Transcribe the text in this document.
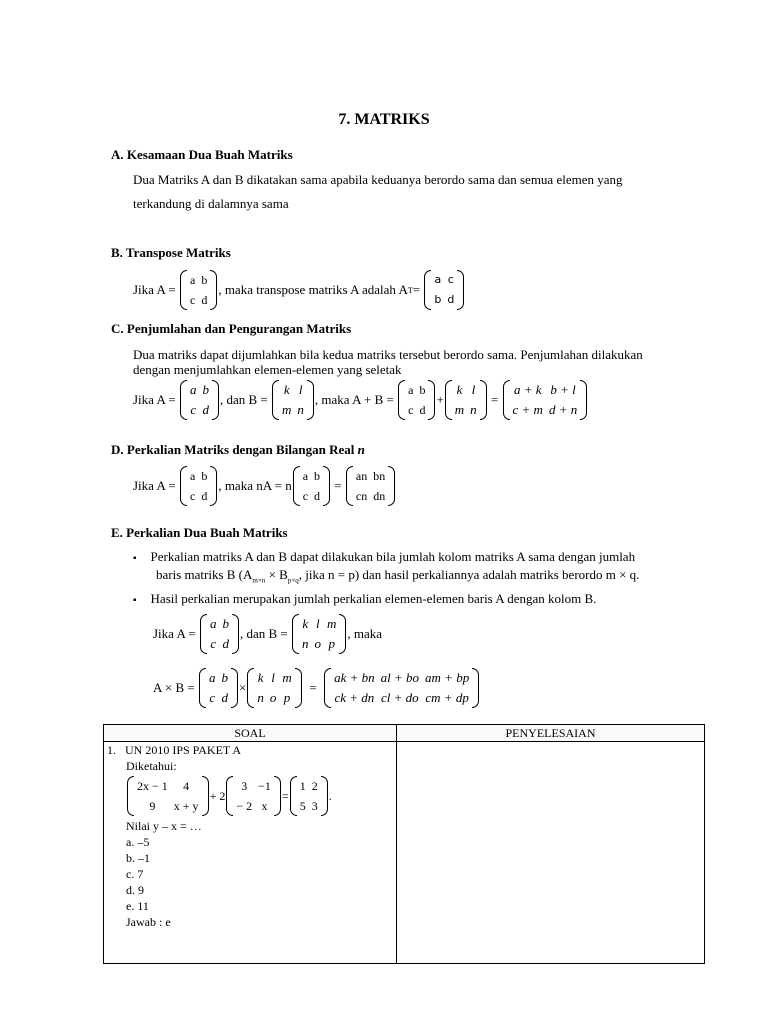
7. MATRIKS
A. Kesamaan Dua Buah Matriks
Dua Matriks A dan B dikatakan sama apabila keduanya berordo sama dan semua elemen yang
terkandung di dalamnya sama
B. Transpose Matriks
Jika A =

a	b
c	d
, maka transpose matriks A adalah A T =

a	c
b	d
C. Penjumlahan dan Pengurangan Matriks
Dua matriks dapat dijumlahkan bila kedua matriks tersebut berordo sama. Penjumlahan dilakukan
dengan menjumlahkan elemen-elemen yang seletak
Jika A =

a	b
c	d
, dan B =

k	l
m	n
, maka A + B =

a	b
c	d
+
k	l
m	n

=

a + k	b + l
c + m	d + n
D. Perkalian Matriks dengan Bilangan Real n
Jika A =

a	b
c	d
, maka nA = n
a	b
c	d

=

an	bn
cn	dn
E. Perkalian Dua Buah Matriks
▪ Perkalian matriks A dan B dapat dilakukan bila jumlah kolom matriks A sama dengan jumlah
baris matriks B ($A_{m\times n} \times B_{p\times q}$, jika n = p) dan hasil perkaliannya adalah matriks berordo m × q.
▪ Hasil perkalian merupakan jumlah perkalian elemen-elemen baris A dengan kolom B.
Jika A =

a	b
c	d
, dan B =

k	l	m
n	o	p
, maka
A × B =

a	b
c	d
×
k	l	m
n	o	p

=

ak + bn	al + bo	am + bp
ck + dn	cl + do	cm + dp
SOAL	PENYELESAIAN
1. UN 2010 IPS PAKET A
Diketahui:
2x − 1	4
9	x + y
+ 2
3	−1
− 2	x
=
1	2
5	3
.
Nilai y – x = …
a. –5
b. –1
c. 7
d. 9
e. 11
Jawab : e
